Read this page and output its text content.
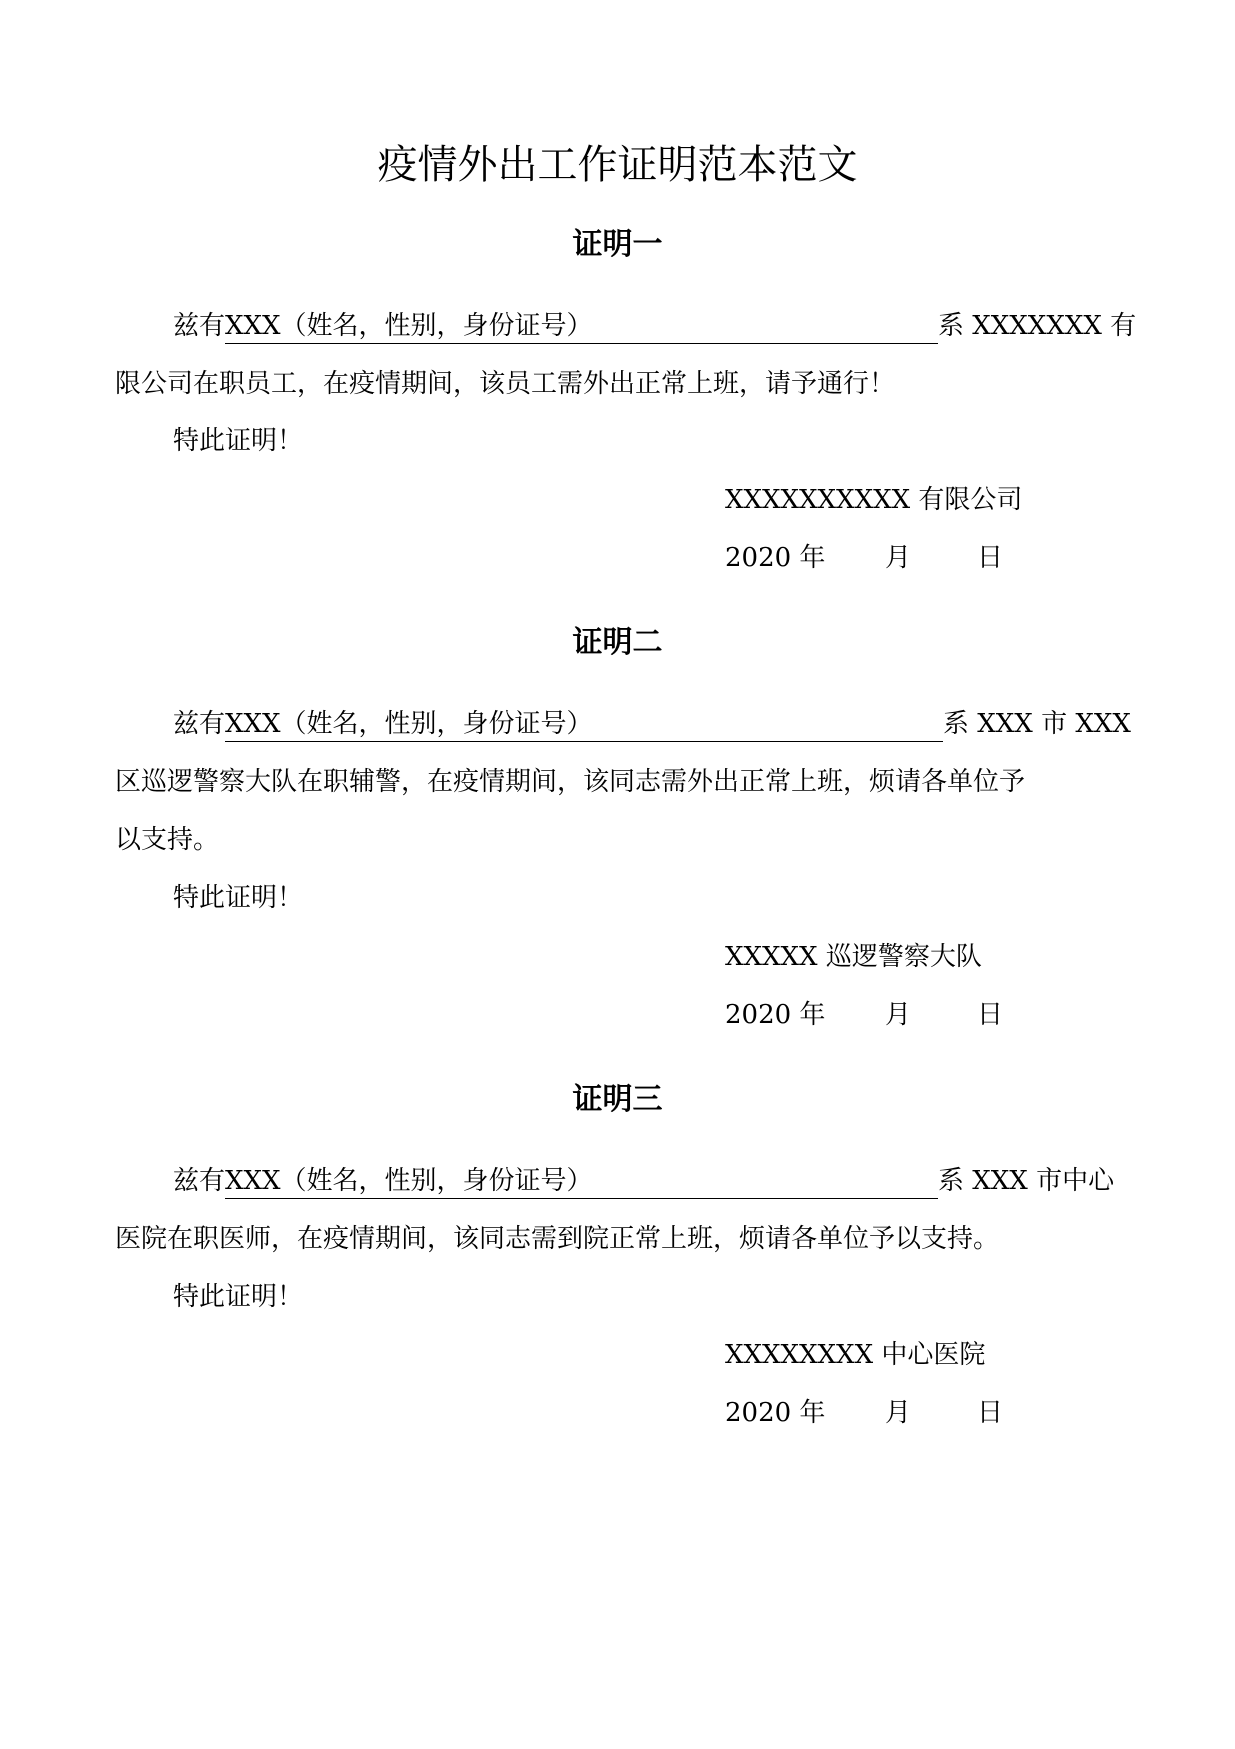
疫情外出工作证明范本范文
证明一
兹有XXX（姓名，性别，身份证号）	系 XXXXXXX 有
限公司在职员工，在疫情期间，该员工需外出正常上班，请予通行！
特此证明！
XXXXXXXXXX 有限公司
2020 年 月	日
证明二
兹有XXX（姓名，性别，身份证号）	系 XXX 市 XXX
区巡逻警察大队在职辅警，在疫情期间，该同志需外出正常上班，烦请各单位予
以支持。
特此证明！
XXXXX 巡逻警察大队
2020 年 月	日
证明三
兹有XXX（姓名，性别，身份证号）	系 XXX 市中心
医院在职医师，在疫情期间，该同志需到院正常上班，烦请各单位予以支持。
特此证明！
XXXXXXXX 中心医院
2020 年 月	日
